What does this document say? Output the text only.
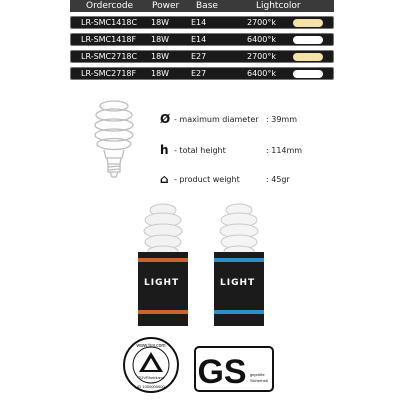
Ordercode	Power	Base	Lightcolor
LR-SMC1418C	18W	E14	2700°k
LR-SMC1418F	18W	E14	6400°k
LR-SMC2718C	18W	E27	2700°k
LR-SMC2718F	18W	E27	6400°k
Ø - maximum diameter : 39mm
h - total height	: 114mm
⌂ - product weight	: 45gr
LIGHT	LIGHT
www.tuv.com
TÜVRheinland
ID 1000000000 GS geprüfte
Sicherheit
